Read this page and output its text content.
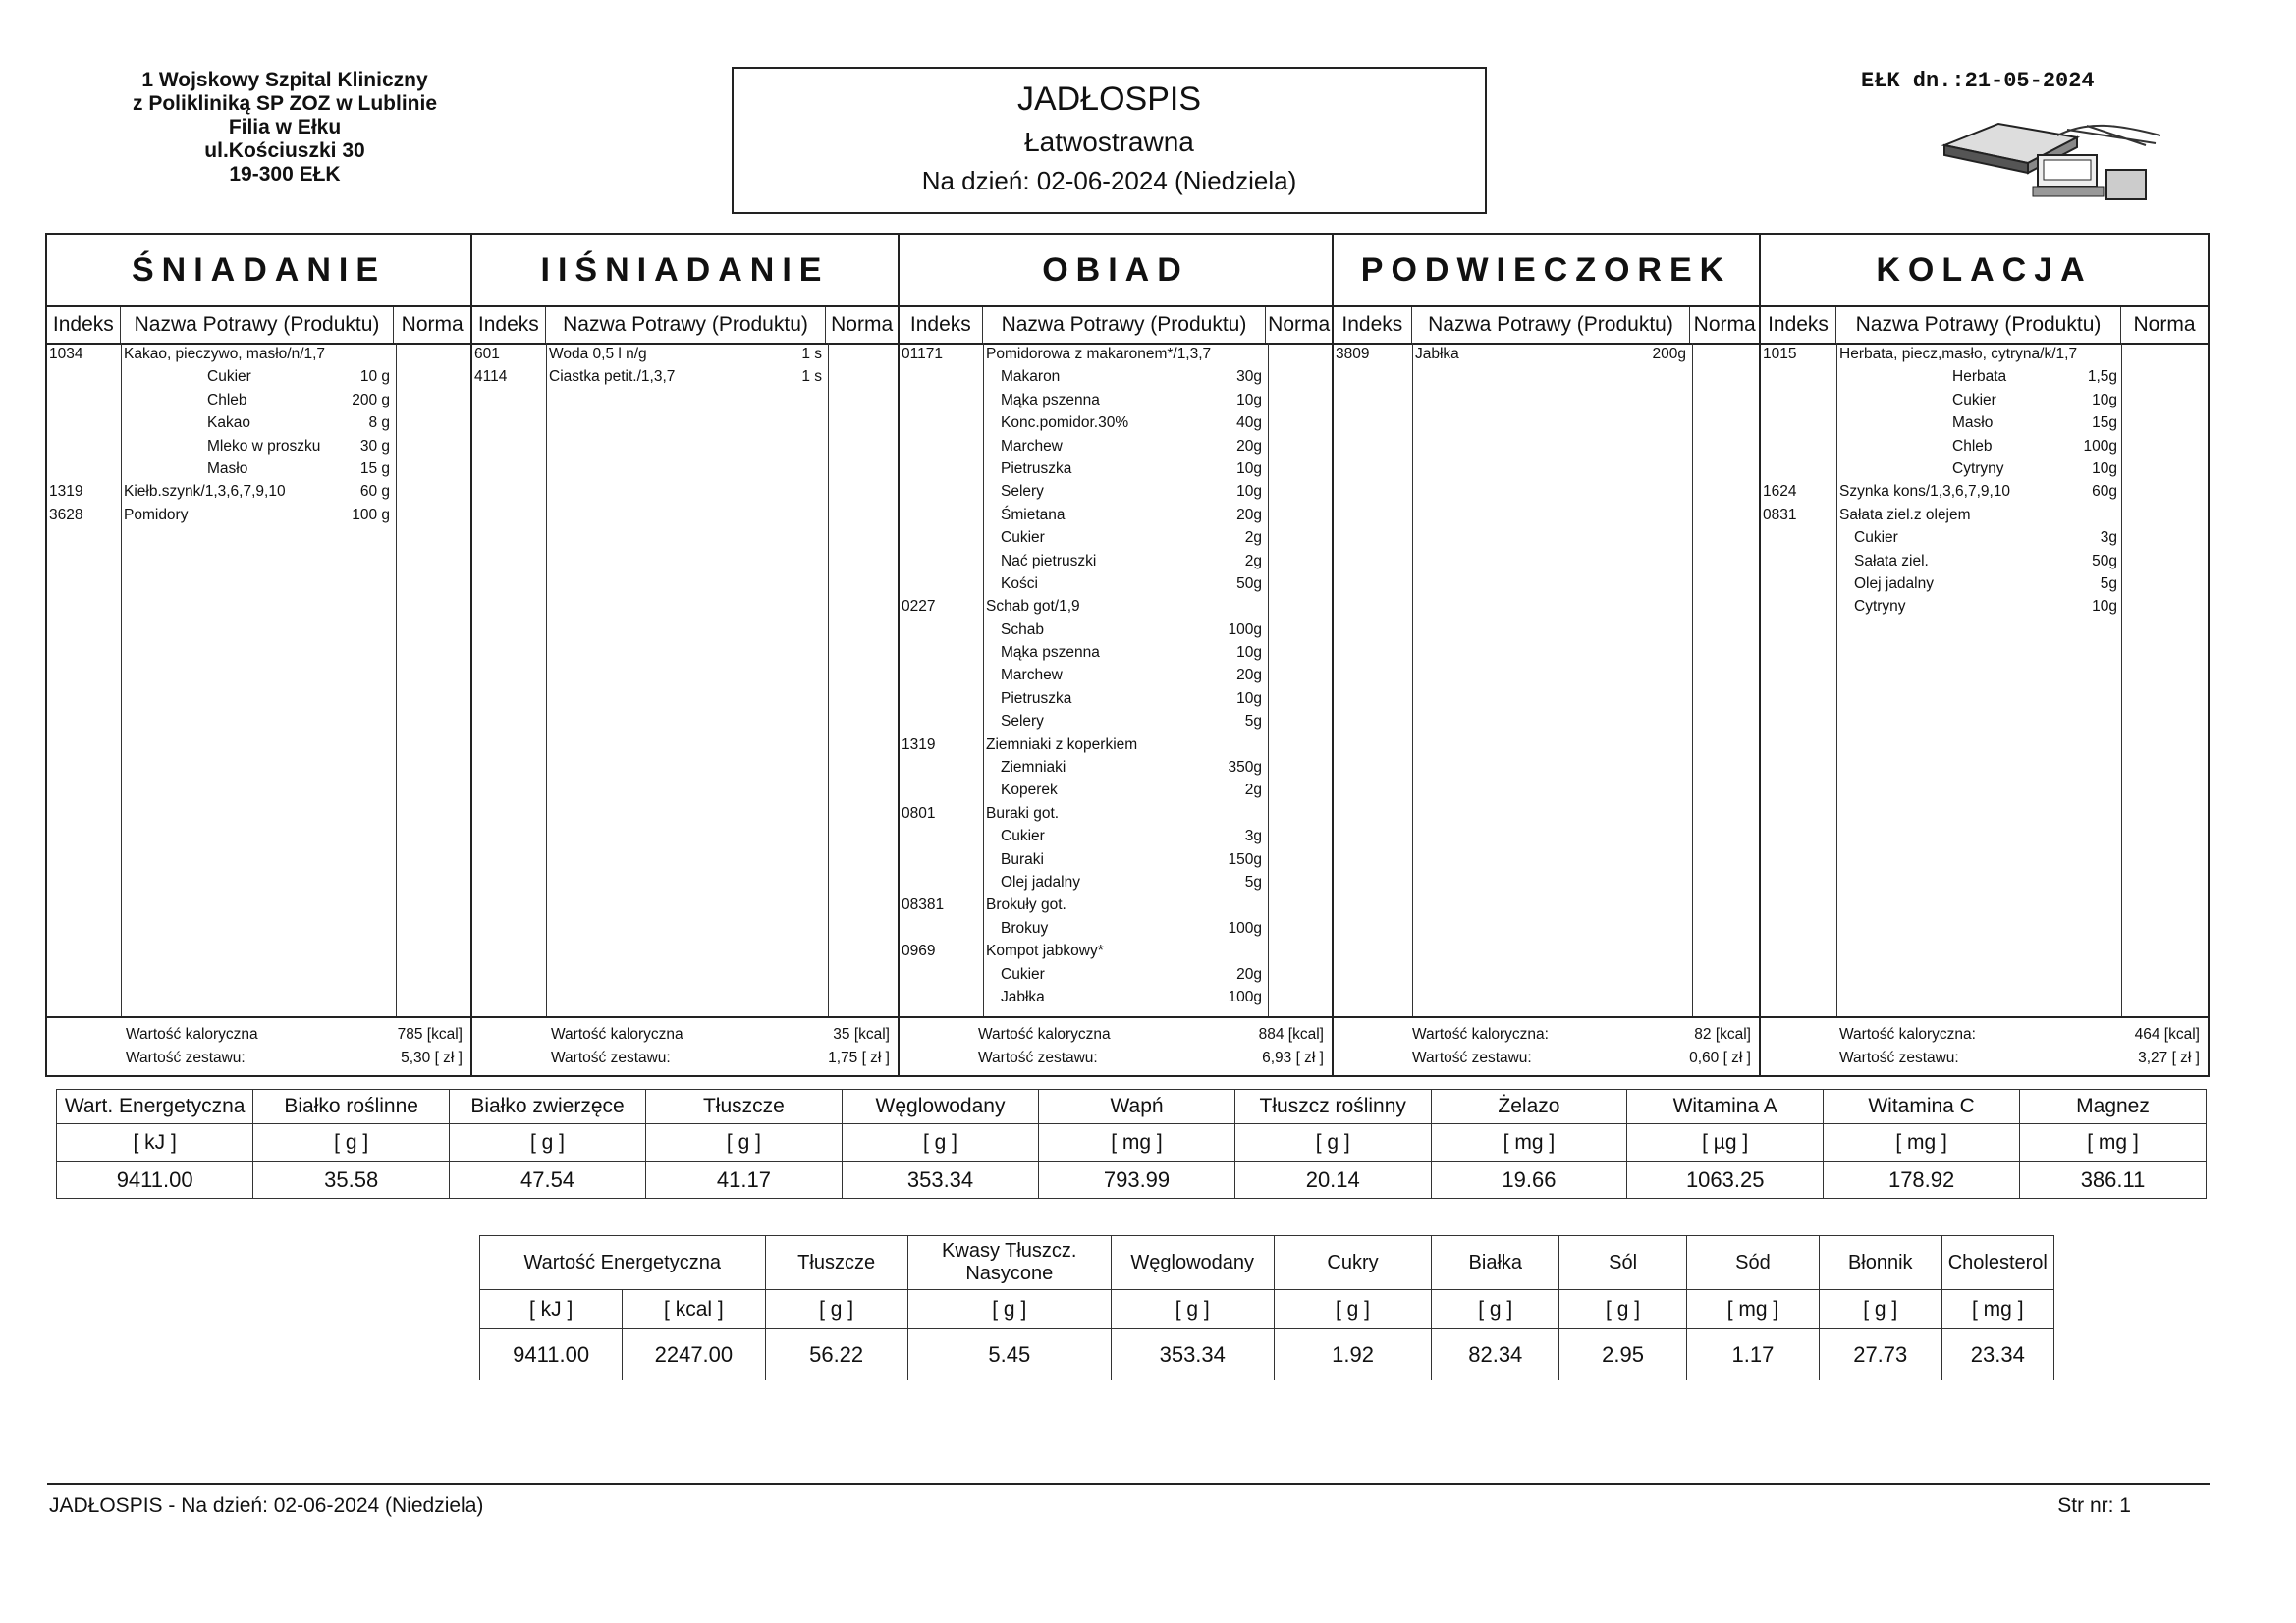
1 Wojskowy Szpital Kliniczny
z Polikliniką SP ZOZ w Lublinie
Filia w Ełku
ul.Kościuszki 30
19-300 EŁK
JADŁOSPIS
Łatwostrawna
Na dzień: 02-06-2024 (Niedziela)
EŁK dn.:21-05-2024
ŚNIADANIE
Indeks Nazwa Potrawy (Produktu)	Norma
1034	Kakao, pieczywo, masło/n/1,7
Cukier	10 g
Chleb	200 g
Kakao	8 g
Mleko w proszku	30 g
Masło	15 g
1319	Kiełb.szynk/1,3,6,7,9,10	60 g
3628	Pomidory	100 g
Wartość kaloryczna	785 [kcal]
Wartość zestawu:	5,30 [ zł ]
IIŚNIADANIE
Indeks	Nazwa Potrawy (Produktu)	Norma
601	Woda 0,5 l n/g	1 s
4114	Ciastka petit./1,3,7	1 s
Wartość kaloryczna	35 [kcal]
Wartość zestawu:	1,75 [ zł ]
OBIAD
Indeks	Nazwa Potrawy (Produktu)	Norma
01171	Pomidorowa z makaronem*/1,3,7
Makaron	30g
Mąka pszenna	10g
Konc.pomidor.30%	40g
Marchew	20g
Pietruszka	10g
Selery	10g
Śmietana	20g
Cukier	2g
Nać pietruszki	2g
Kości	50g
0227	Schab got/1,9
Schab	100g
Mąka pszenna	10g
Marchew	20g
Pietruszka	10g
Selery	5g
1319	Ziemniaki z koperkiem
Ziemniaki	350g
Koperek	2g
0801	Buraki got.
Cukier	3g
Buraki	150g
Olej jadalny	5g
08381	Brokuły got.
Brokuy	100g
0969	Kompot jabkowy*
Cukier	20g
Jabłka	100g
Wartość kaloryczna	884 [kcal]
Wartość zestawu:	6,93 [ zł ]
PODWIECZOREK
Indeks	Nazwa Potrawy (Produktu) Norma
3809	Jabłka	200g
Wartość kaloryczna:	82 [kcal]
Wartość zestawu:	0,60 [ zł ]
KOLACJA
Indeks	Nazwa Potrawy (Produktu)	Norma
1015	Herbata, piecz,masło, cytryna/k/1,7
Herbata	1,5g
Cukier	10g
Masło	15g
Chleb	100g
Cytryny	10g
1624	Szynka kons/1,3,6,7,9,10	60g
0831	Sałata ziel.z olejem
Cukier	3g
Sałata ziel.	50g
Olej jadalny	5g
Cytryny	10g
Wartość kaloryczna:	464 [kcal]
Wartość zestawu:	3,27 [ zł ]
Wart. Energetyczna	Białko roślinne	Białko zwierzęce	Tłuszcze	Węglowodany	Wapń	Tłuszcz roślinny	Żelazo	Witamina A	Witamina C	Magnez
[ kJ ]	[ g ]	[ g ]	[ g ]	[ g ]	[ mg ]	[ g ]	[ mg ]	[ µg ]	[ mg ]	[ mg ]
9411.00	35.58	47.54	41.17	353.34	793.99	20.14	19.66	1063.25	178.92	386.11
Wartość Energetyczna		Tłuszcze	Kwasy Tłuszcz. Nasycone	Węglowodany	Cukry	Białka	Sól	Sód	Błonnik	Cholesterol
[ kJ ]	[ kcal ]	[ g ]	[ g ]	[ g ]	[ g ]	[ g ]	[ g ]	[ mg ]	[ g ]	[ mg ]
9411.00	2247.00	56.22	5.45	353.34	1.92	82.34	2.95	1.17	27.73	23.34
JADŁOSPIS - Na dzień: 02-06-2024 (Niedziela)	Str nr: 1
